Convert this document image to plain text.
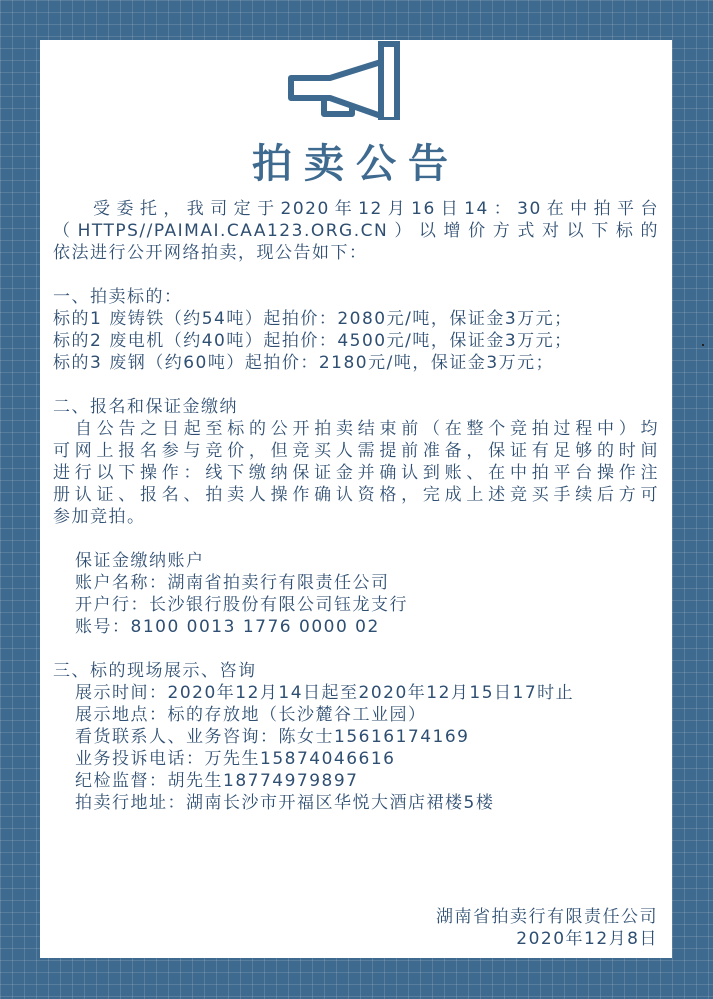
拍卖公告

受委托，我司定于2020年12月16日14：30在中拍平台

（HTTPS//PAIMAI.CAA123.ORG.CN）以增价方式对以下标的

依法进行公开网络拍卖，现公告如下：

一、拍卖标的：

标的1 废铸铁（约54吨）起拍价：2080元/吨，保证金3万元；

标的2 废电机（约40吨）起拍价：4500元/吨，保证金3万元；

标的3 废钢（约60吨）起拍价：2180元/吨，保证金3万元；

二、报名和保证金缴纳

自公告之日起至标的公开拍卖结束前（在整个竞拍过程中）均

可网上报名参与竞价，但竞买人需提前准备，保证有足够的时间

进行以下操作：线下缴纳保证金并确认到账、在中拍平台操作注

册认证、报名、拍卖人操作确认资格，完成上述竞买手续后方可

参加竞拍。

保证金缴纳账户

账户名称：湖南省拍卖行有限责任公司

开户行：长沙银行股份有限公司钰龙支行

账号：8100 0013 1776 0000 02

三、标的现场展示、咨询

展示时间：2020年12月14日起至2020年12月15日17时止

展示地点：标的存放地（长沙麓谷工业园）

看货联系人、业务咨询：陈女士15616174169

业务投诉电话：万先生15874046616

纪检监督：胡先生18774979897

拍卖行地址：湖南长沙市开福区华悦大酒店裙楼5楼

湖南省拍卖行有限责任公司
2020年12月8日
